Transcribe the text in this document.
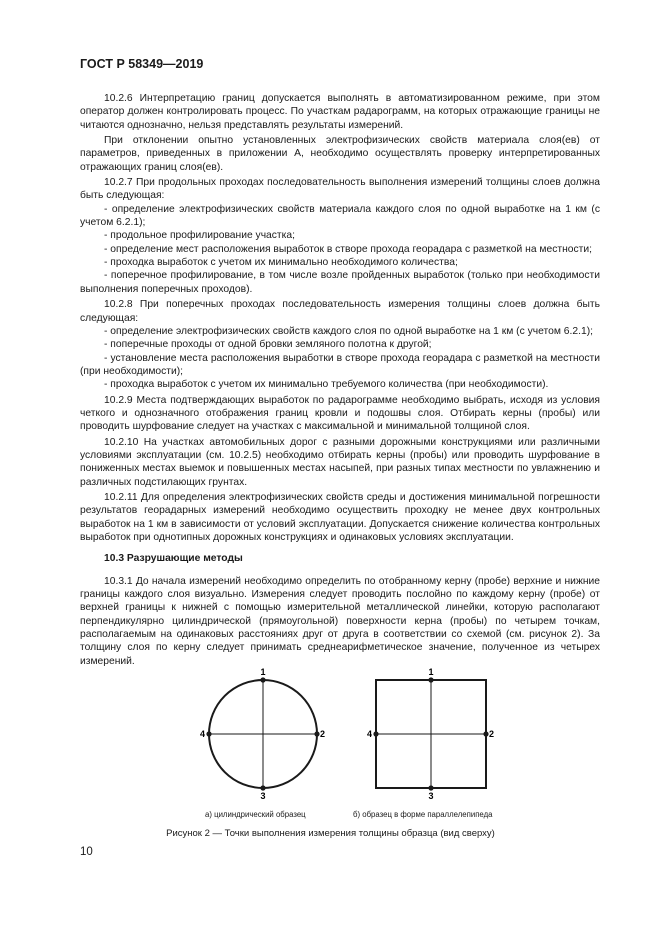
ГОСТ Р 58349—2019

10.2.6 Интерпретацию границ допускается выполнять в автоматизированном режиме, при этом оператор должен контролировать процесс. По участкам радарограмм, на которых отражающие границы не читаются однозначно, нельзя представлять результаты измерений.

При отклонении опытно установленных электрофизических свойств материала слоя(ев) от параметров, приведенных в приложении А, необходимо осуществлять проверку интерпретированных отражающих границ слоя(ев).

10.2.7 При продольных проходах последовательность выполнения измерений толщины слоев должна быть следующая:

- определение электрофизических свойств материала каждого слоя по одной выработке на 1 км (с учетом 6.2.1);

- продольное профилирование участка;

- определение мест расположения выработок в створе прохода георадара с разметкой на местности;

- проходка выработок с учетом их минимально необходимого количества;

- поперечное профилирование, в том числе возле пройденных выработок (только при необходимости выполнения поперечных проходов).

10.2.8 При поперечных проходах последовательность измерения толщины слоев должна быть следующая:

- определение электрофизических свойств каждого слоя по одной выработке на 1 км (с учетом 6.2.1);

- поперечные проходы от одной бровки земляного полотна к другой;

- установление места расположения выработки в створе прохода георадара с разметкой на местности (при необходимости);

- проходка выработок с учетом их минимально требуемого количества (при необходимости).

10.2.9 Места подтверждающих выработок по радарограмме необходимо выбрать, исходя из условия четкого и однозначного отображения границ кровли и подошвы слоя. Отбирать керны (пробы) или проводить шурфование следует на участках с максимальной и минимальной толщиной слоя.

10.2.10 На участках автомобильных дорог с разными дорожными конструкциями или различными условиями эксплуатации (см. 10.2.5) необходимо отбирать керны (пробы) или проводить шурфование в пониженных местах выемок и повышенных местах насыпей, при разных типах местности по увлажнению и различных подстилающих грунтах.

10.2.11 Для определения электрофизических свойств среды и достижения минимальной погрешности результатов георадарных измерений необходимо осуществить проходку не менее двух контрольных выработок на 1 км в зависимости от условий эксплуатации. Допускается снижение количества контрольных выработок при однотипных дорожных конструкциях и одинаковых условиях эксплуатации.

10.3 Разрушающие методы

10.3.1 До начала измерений необходимо определить по отобранному керну (пробе) верхние и нижние границы каждого слоя визуально. Измерения следует проводить послойно по каждому керну (пробе) от верхней границы к нижней с помощью измерительной металлической линейки, которую располагают перпендикулярно цилиндрической (прямоугольной) поверхности керна (пробы) по четырем точкам, располагаемым на одинаковых расстояниях друг от друга в соответствии со схемой (см. рисунок 2). За толщину слоя по керну следует принимать среднеарифметическое значение, полученное из четырех измерений.

1
2
3
4
1
2
3
4
а) цилиндрический образец	б) образец в форме параллелепипеда
Рисунок 2 — Точки выполнения измерения толщины образца (вид сверху)
10
